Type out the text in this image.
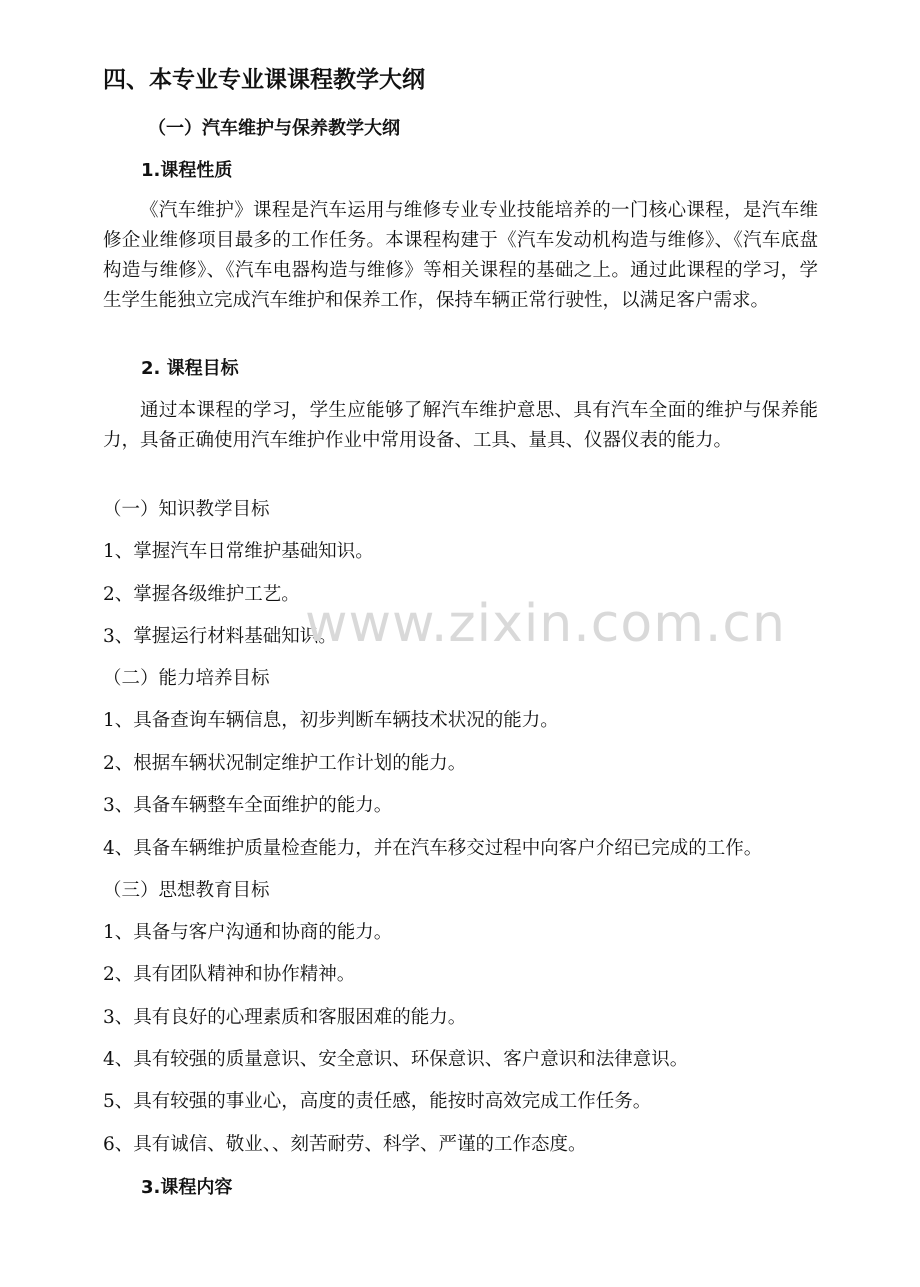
四、本专业专业课课程教学大纲
（一）汽车维护与保养教学大纲
1.课程性质
《汽车维护》课程是汽车运用与维修专业专业技能培养的一门核心课程，是汽车维修企业维修项目最多的工作任务。本课程构建于《汽车发动机构造与维修》、《汽车底盘构造与维修》、《汽车电器构造与维修》等相关课程的基础之上。通过此课程的学习，学生学生能独立完成汽车维护和保养工作，保持车辆正常行驶性，以满足客户需求。
2. 课程目标
通过本课程的学习，学生应能够了解汽车维护意思、具有汽车全面的维护与保养能力，具备正确使用汽车维护作业中常用设备、工具、量具、仪器仪表的能力。
（一）知识教学目标
1、掌握汽车日常维护基础知识。
2、掌握各级维护工艺。
3、掌握运行材料基础知识。
（二）能力培养目标
1、具备查询车辆信息，初步判断车辆技术状况的能力。
2、根据车辆状况制定维护工作计划的能力。
3、具备车辆整车全面维护的能力。
4、具备车辆维护质量检查能力，并在汽车移交过程中向客户介绍已完成的工作。
（三）思想教育目标
1、具备与客户沟通和协商的能力。
2、具有团队精神和协作精神。
3、具有良好的心理素质和客服困难的能力。
4、具有较强的质量意识、安全意识、环保意识、客户意识和法律意识。
5、具有较强的事业心，高度的责任感，能按时高效完成工作任务。
6、具有诚信、敬业、、刻苦耐劳、科学、严谨的工作态度。
3.课程内容
www.zixin.com.cn
